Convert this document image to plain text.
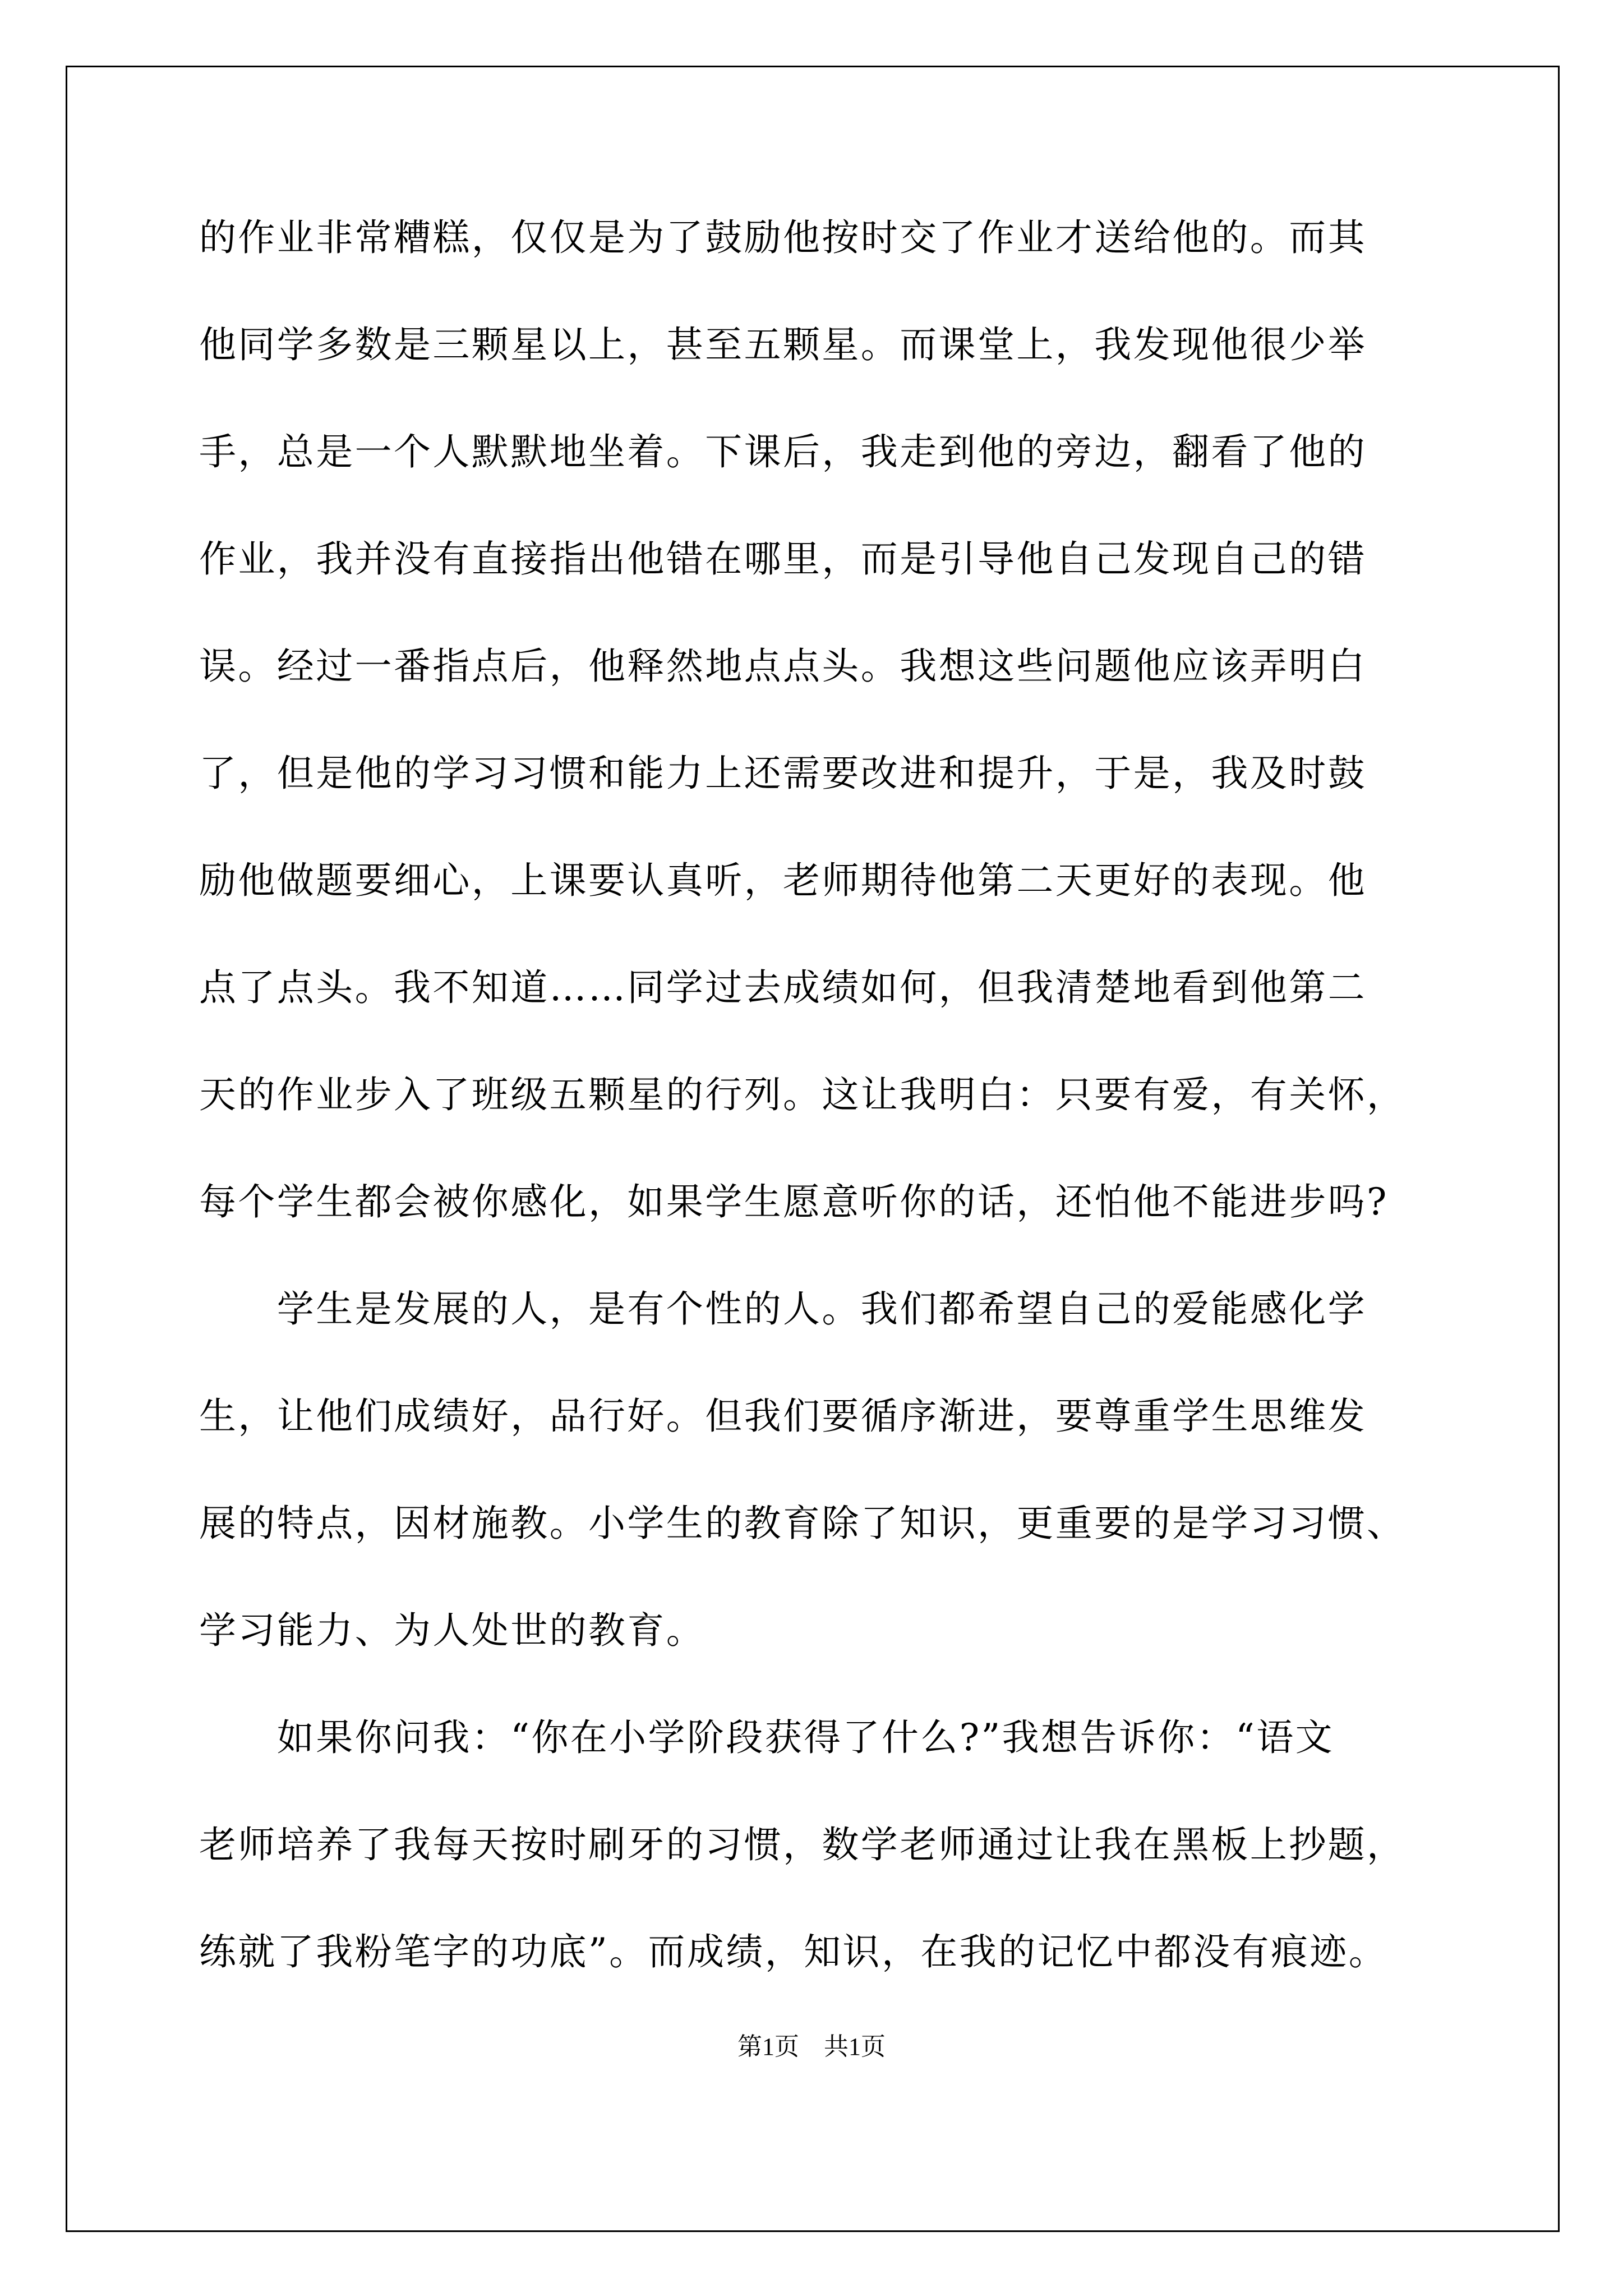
的作业非常糟糕，仅仅是为了鼓励他按时交了作业才送给他的。而其
他同学多数是三颗星以上，甚至五颗星。而课堂上，我发现他很少举
手，总是一个人默默地坐着。下课后，我走到他的旁边，翻看了他的
作业，我并没有直接指出他错在哪里，而是引导他自己发现自己的错
误。经过一番指点后，他释然地点点头。我想这些问题他应该弄明白
了，但是他的学习习惯和能力上还需要改进和提升，于是，我及时鼓
励他做题要细心，上课要认真听，老师期待他第二天更好的表现。他
点了点头。我不知道……同学过去成绩如何，但我清楚地看到他第二
天的作业步入了班级五颗星的行列。这让我明白：只要有爱，有关怀，
每个学生都会被你感化，如果学生愿意听你的话，还怕他不能进步吗?
　　学生是发展的人，是有个性的人。我们都希望自己的爱能感化学
生，让他们成绩好，品行好。但我们要循序渐进，要尊重学生思维发
展的特点，因材施教。小学生的教育除了知识，更重要的是学习习惯、
学习能力、为人处世的教育。
　　如果你问我：“你在小学阶段获得了什么?”我想告诉你：“语文
老师培养了我每天按时刷牙的习惯，数学老师通过让我在黑板上抄题，
练就了我粉笔字的功底”。而成绩，知识，在我的记忆中都没有痕迹。
第1页 共1页
